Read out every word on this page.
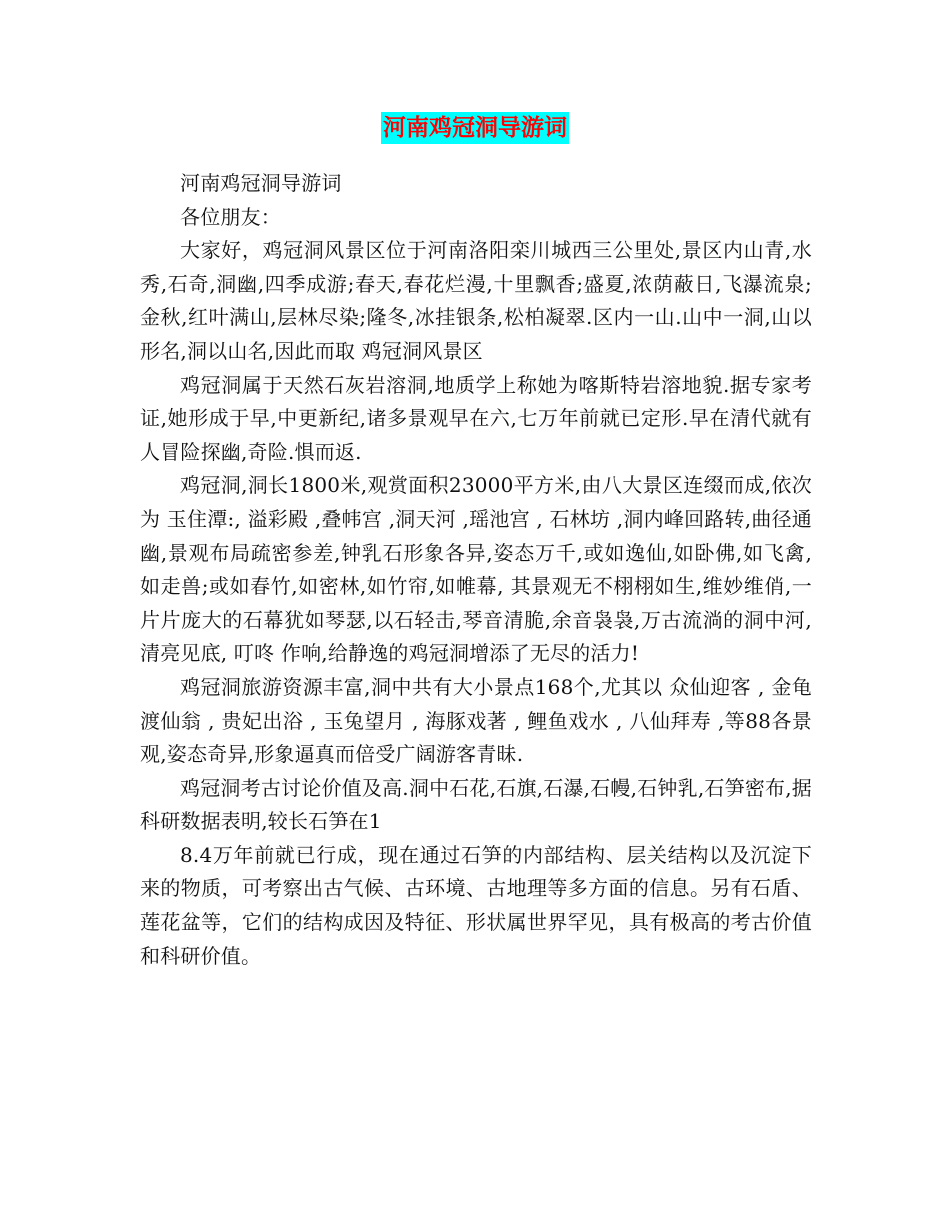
河南鸡冠洞导游词

河南鸡冠洞导游词

各位朋友：

大家好，鸡冠洞风景区位于河南洛阳栾川城西三公里处,景区内山青,水秀,石奇,洞幽,四季成游;春天,春花烂漫,十里飘香;盛夏,浓荫蔽日,飞瀑流泉;金秋,红叶满山,层林尽染;隆冬,冰挂银条,松柏凝翠.区内一山.山中一洞,山以形名,洞以山名,因此而取 鸡冠洞风景区

鸡冠洞属于天然石灰岩溶洞,地质学上称她为喀斯特岩溶地貌.据专家考证,她形成于早,中更新纪,诸多景观早在六,七万年前就已定形.早在清代就有人冒险探幽,奇险.惧而返.

鸡冠洞,洞长1800米,观赏面积23000平方米,由八大景区连缀而成,依次为 玉住潭:, 溢彩殿 ,叠帏宫 ,洞天河 ,瑶池宫 , 石林坊 ,洞内峰回路转,曲径通幽,景观布局疏密参差,钟乳石形象各异,姿态万千,或如逸仙,如卧佛,如飞禽,如走兽;或如春竹,如密林,如竹帘,如帷幕, 其景观无不栩栩如生,维妙维俏,一片片庞大的石幕犹如琴瑟,以石轻击,琴音清脆,余音袅袅,万古流淌的洞中河,清亮见底, 叮咚 作响,给静逸的鸡冠洞增添了无尽的活力!

鸡冠洞旅游资源丰富,洞中共有大小景点168个,尤其以 众仙迎客 , 金龟渡仙翁 , 贵妃出浴 , 玉兔望月 , 海豚戏著 , 鲤鱼戏水 , 八仙拜寿 ,等88各景观,姿态奇异,形象逼真而倍受广阔游客青昧.

鸡冠洞考古讨论价值及高.洞中石花,石旗,石瀑,石幔,石钟乳,石笋密布,据科研数据表明,较长石笋在1

8.4万年前就已行成，现在通过石笋的内部结构、层关结构以及沉淀下来的物质，可考察出古气候、古环境、古地理等多方面的信息。另有石盾、莲花盆等，它们的结构成因及特征、形状属世界罕见，具有极高的考古价值和科研价值。
